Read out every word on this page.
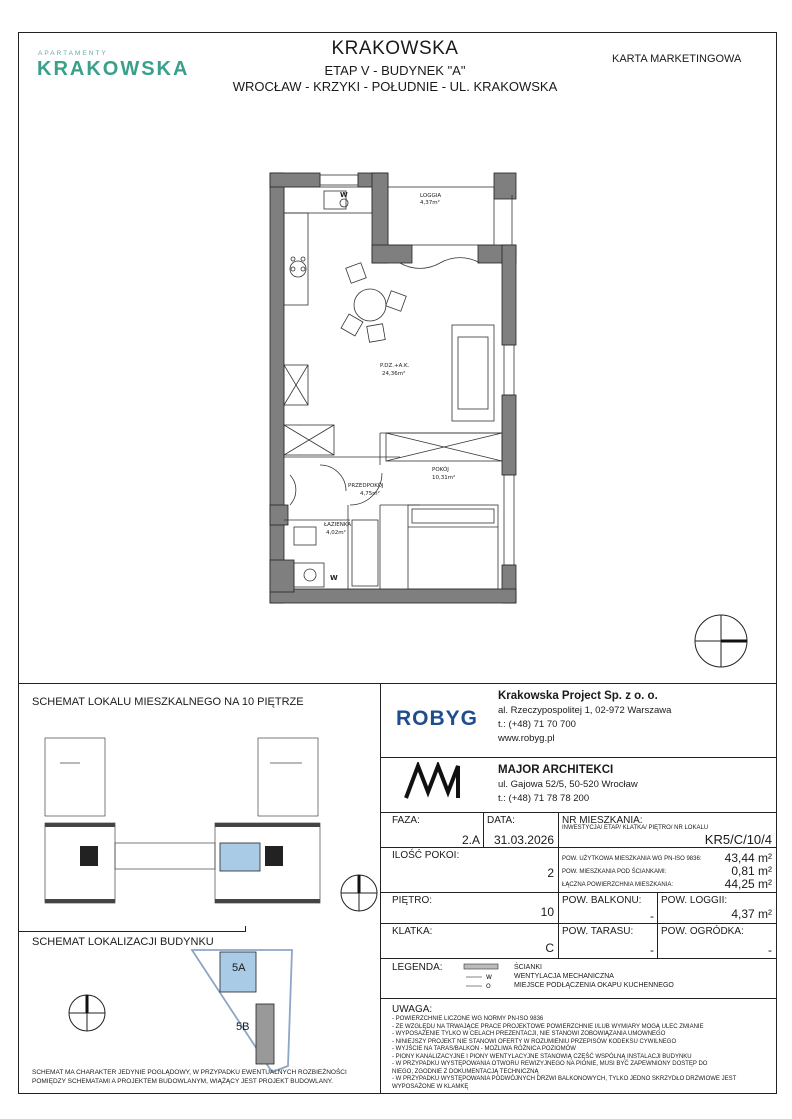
APARTAMENTY
KRAKOWSKA
KRAKOWSKA
ETAP V - BUDYNEK "A"
WROCŁAW - KRZYKI - POŁUDNIE - UL. KRAKOWSKA
KARTA MARKETINGOWA
LOGGIA
4,37m²
P.DZ.+A.K.
24,36m²
POKÓJ
10,31m²
PRZEDPOKÓJ
4,75m²
ŁAZIENKA
4,02m²
W
W
SCHEMAT LOKALU MIESZKALNEGO NA 10 PIĘTRZE
SCHEMAT LOKALIZACJI BUDYNKU
5A
5B
SCHEMAT MA CHARAKTER JEDYNIE POGLĄDOWY, W PRZYPADKU EWENTUALNYCH ROZBIEŻNOŚCI POMIĘDZY SCHEMATAMI A PROJEKTEM BUDOWLANYM, WIĄŻĄCY JEST PROJEKT BUDOWLANY.
ROBYG
Krakowska Project Sp. z o. o.
al. Rzeczypospolitej 1, 02-972 Warszawa
t.: (+48) 71 70 700
www.robyg.pl
MAJOR ARCHITEKCI
ul. Gajowa 52/5, 50-520 Wrocław
t.: (+48) 71 78 78 200
FAZA:
2.A
DATA:
31.03.2026
NR MIESZKANIA:
INWESTYCJA/ ETAP/ KLATKA/ PIĘTRO/ NR LOKALU
KR5/C/10/4
ILOŚĆ POKOI:
2
POW. UŻYTKOWA MIESZKANIA WG PN-ISO 9836:	43,44 m²
POW. MIESZKANIA POD ŚCIANKAMI:	0,81 m²
ŁĄCZNA POWIERZCHNIA MIESZKANIA:	44,25 m²
PIĘTRO:
10
POW. BALKONU:
-
POW. LOGGII:
4,37 m²
KLATKA:
C
POW. TARASU:
-
POW. OGRÓDKA:
-
LEGENDA:
W
O
ŚCIANKI
WENTYLACJA MECHANICZNA
MIEJSCE PODŁĄCZENIA OKAPU KUCHENNEGO
UWAGA:
- POWIERZCHNIE LICZONE WG NORMY PN-ISO 9836
- ZE WZGLĘDU NA TRWAJĄCE PRACE PROJEKTOWE POWIERZCHNIE I/LUB WYMIARY MOGĄ ULEC ZMIANIE
- WYPOSAŻENIE TYLKO W CELACH PREZENTACJI, NIE STANOWI ZOBOWIĄZANIA UMOWNEGO
- NINIEJSZY PROJEKT NIE STANOWI OFERTY W ROZUMIENIU PRZEPISÓW KODEKSU CYWILNEGO
- WYJŚCIE NA TARAS/BALKON - MOŻLIWA RÓŻNICA POZIOMÓW
- PIONY KANALIZACYJNE I PIONY WENTYLACYJNE STANOWIĄ CZĘŚĆ WSPÓLNĄ INSTALACJI BUDYNKU
- W PRZYPADKU WYSTĘPOWANIA OTWORU REWIZYJNEGO NA PIONIE, MUSI BYĆ ZAPEWNIONY DOSTĘP DO
NIEGO, ZGODNIE Z DOKUMENTACJĄ TECHNICZNĄ
- W PRZYPADKU WYSTĘPOWANIA PODWÓJNYCH DRZWI BALKONOWYCH, TYLKO JEDNO SKRZYDŁO DRZWIOWE JEST
WYPOSAŻONE W KLAMKĘ
